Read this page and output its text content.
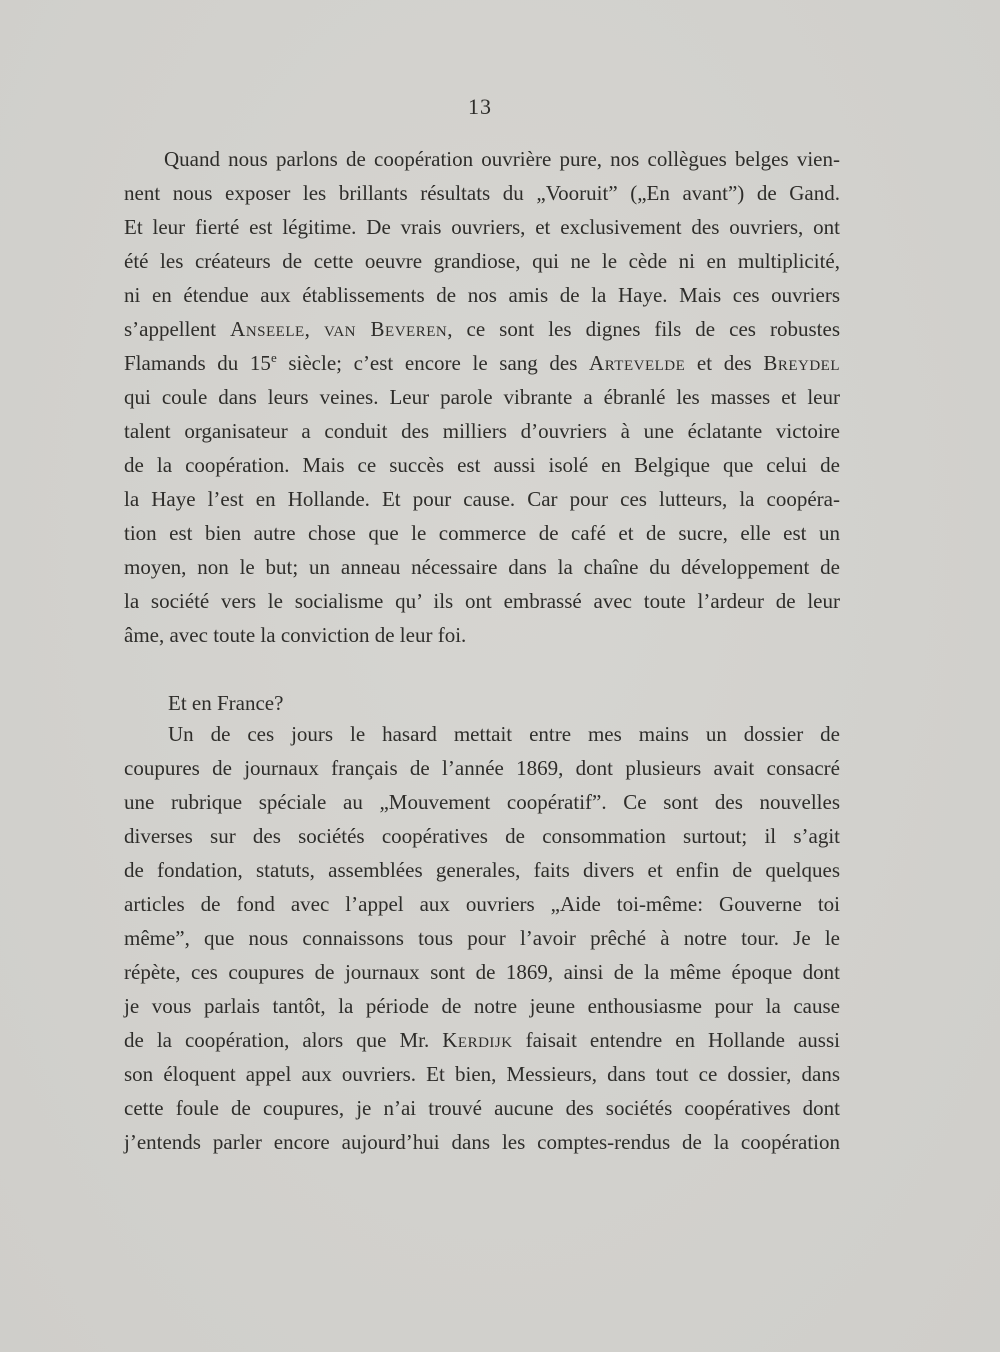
13
Quand nous parlons de coopération ouvrière pure, nos collègues belges vien-
nent nous exposer les brillants résultats du „Vooruit” („En avant”) de Gand.
Et leur fierté est légitime. De vrais ouvriers, et exclusivement des ouvriers, ont
été les créateurs de cette oeuvre grandiose, qui ne le cède ni en multiplicité,
ni en étendue aux établissements de nos amis de la Haye. Mais ces ouvriers
s’appellent Anseele, van Beveren, ce sont les dignes fils de ces robustes
Flamands du 15e siècle; c’est encore le sang des Artevelde et des Breydel
qui coule dans leurs veines. Leur parole vibrante a ébranlé les masses et leur
talent organisateur a conduit des milliers d’ouvriers à une éclatante victoire
de la coopération. Mais ce succès est aussi isolé en Belgique que celui de
la Haye l’est en Hollande. Et pour cause. Car pour ces lutteurs, la coopéra-
tion est bien autre chose que le commerce de café et de sucre, elle est un
moyen, non le but; un anneau nécessaire dans la chaîne du développement de
la société vers le socialisme qu’ ils ont embrassé avec toute l’ardeur de leur
âme, avec toute la conviction de leur foi.
Et en France?
Un de ces jours le hasard mettait entre mes mains un dossier de
coupures de journaux français de l’année 1869, dont plusieurs avait consacré
une rubrique spéciale au „Mouvement coopératif”. Ce sont des nouvelles
diverses sur des sociétés coopératives de consommation surtout; il s’agit
de fondation, statuts, assemblées generales, faits divers et enfin de quelques
articles de fond avec l’appel aux ouvriers „Aide toi-même: Gouverne toi
même”, que nous connaissons tous pour l’avoir prêché à notre tour. Je le
répète, ces coupures de journaux sont de 1869, ainsi de la même époque dont
je vous parlais tantôt, la période de notre jeune enthousiasme pour la cause
de la coopération, alors que Mr. Kerdijk faisait entendre en Hollande aussi
son éloquent appel aux ouvriers. Et bien, Messieurs, dans tout ce dossier, dans
cette foule de coupures, je n’ai trouvé aucune des sociétés coopératives dont
j’entends parler encore aujourd’hui dans les comptes-rendus de la coopération
